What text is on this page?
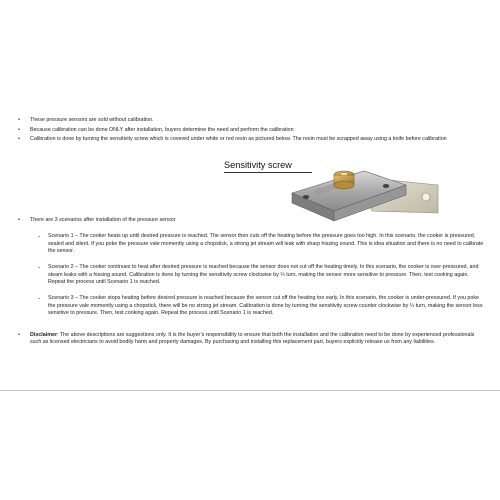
• These pressure sensors are sold without calibration.
• Because calibration can be done ONLY after installation, buyers determine the need and perform the calibration
• Calibration is done by turning the sensitivity screw which is covered under white or red resin as pictured below. The resin must be scrapped away using a knife before calibration
Sensitivity screw
• There are 3 scenarios after installation of the pressure sensor
- Scenario 1 – The cooker heats up until desired pressure is reached. The sensor then cuts off the heating before the pressure goes too high. In this scenario, the cooker is pressured, sealed and silent. If you poke the pressure vale momently using a chopstick, a strong jet stream will leak with sharp hissing sound. This is idea situation and there is no need to calibrate the sensor.
- Scenario 2 – The cooker continues to heat after desired pressure is reached because the sensor does not cut off the heating timely. In this scenario, the cooker is over-pressured, and steam leaks with a hissing sound. Calibration is done by turning the sensitivity screw clockwise by ¼ turn, making the sensor more sensitive to pressure. Then, test cooking again. Repeat the process until Scenario 1 is reached.
- Scenario 3 – The cooker stops heating before desired pressure is reached because the sensor cut off the heating too early. In this scenario, the cooker is under-pressured. If you poke the pressure vale momently using a chopstick, there will be no strong jet stream. Calibration is done by turning the sensitivity screw counter clockwise by ¼ turn, making the sensor less sensitive to pressure. Then, test cooking again. Repeat the process until Scenario 1 is reached.
• Disclaimer: The above descriptions are suggestions only. It is the buyer’s responsibility to ensure that both the installation and the calibration need to be done by experienced professionals such as licensed electricians to avoid bodily harm and property damages. By purchasing and installing this replacement part, buyers explicitly release us from any liabilities.
